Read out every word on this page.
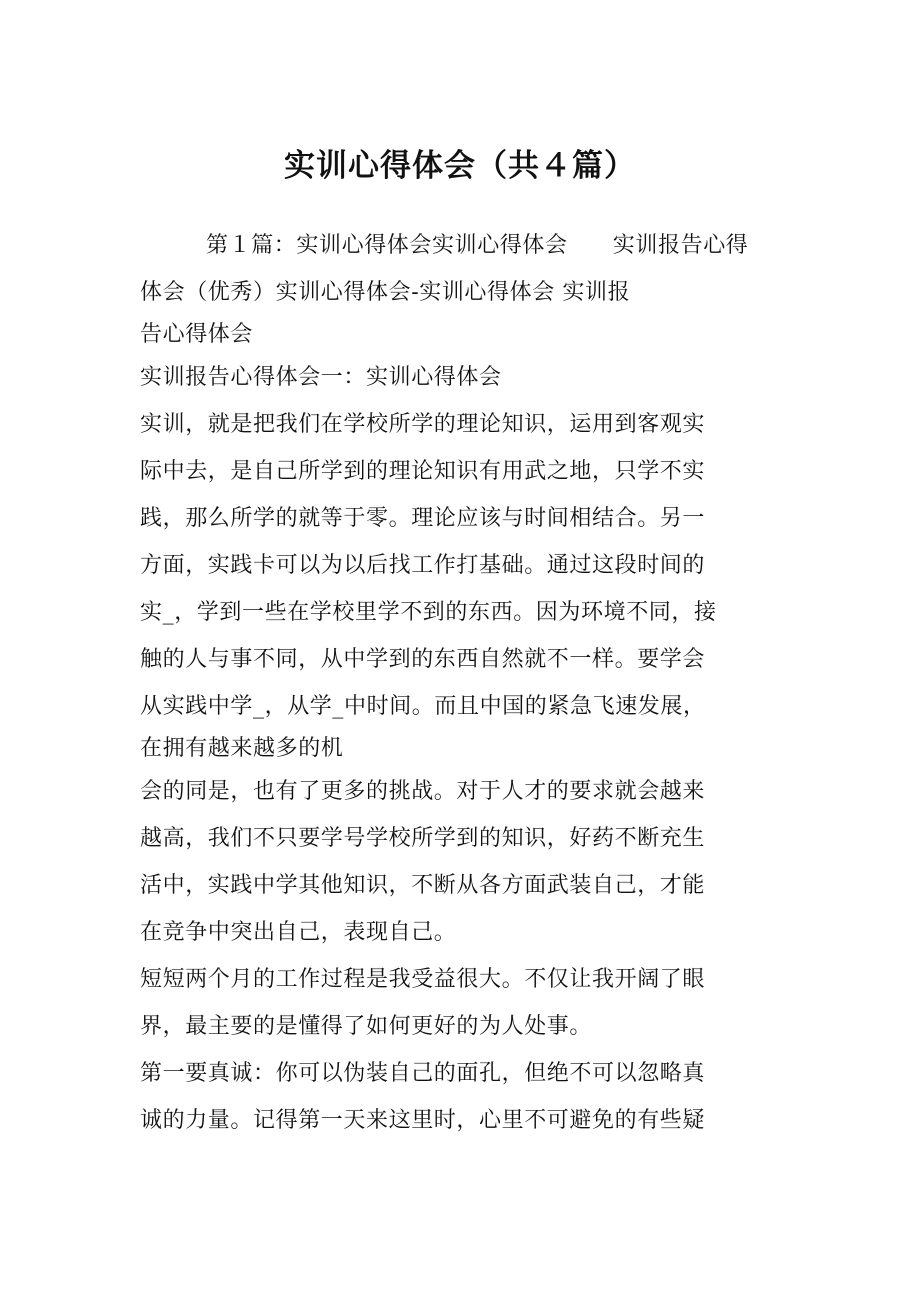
实训心得体会（共４篇）
第１篇：实训心得体会实训心得体会　　实训报告心得
体会（优秀）实训心得体会-实训心得体会 实训报
告心得体会
实训报告心得体会一：实训心得体会
实训，就是把我们在学校所学的理论知识，运用到客观实
际中去，是自己所学到的理论知识有用武之地，只学不实
践，那么所学的就等于零。理论应该与时间相结合。另一
方面，实践卡可以为以后找工作打基础。通过这段时间的
实_，学到一些在学校里学不到的东西。因为环境不同，接
触的人与事不同，从中学到的东西自然就不一样。要学会
从实践中学_，从学_中时间。而且中国的紧急飞速发展，
在拥有越来越多的机
会的同是，也有了更多的挑战。对于人才的要求就会越来
越高，我们不只要学号学校所学到的知识，好药不断充生
活中，实践中学其他知识，不断从各方面武装自己，才能
在竞争中突出自己，表现自己。
短短两个月的工作过程是我受益很大。不仅让我开阔了眼
界，最主要的是懂得了如何更好的为人处事。
第一要真诚：你可以伪装自己的面孔，但绝不可以忽略真
诚的力量。记得第一天来这里时，心里不可避免的有些疑
